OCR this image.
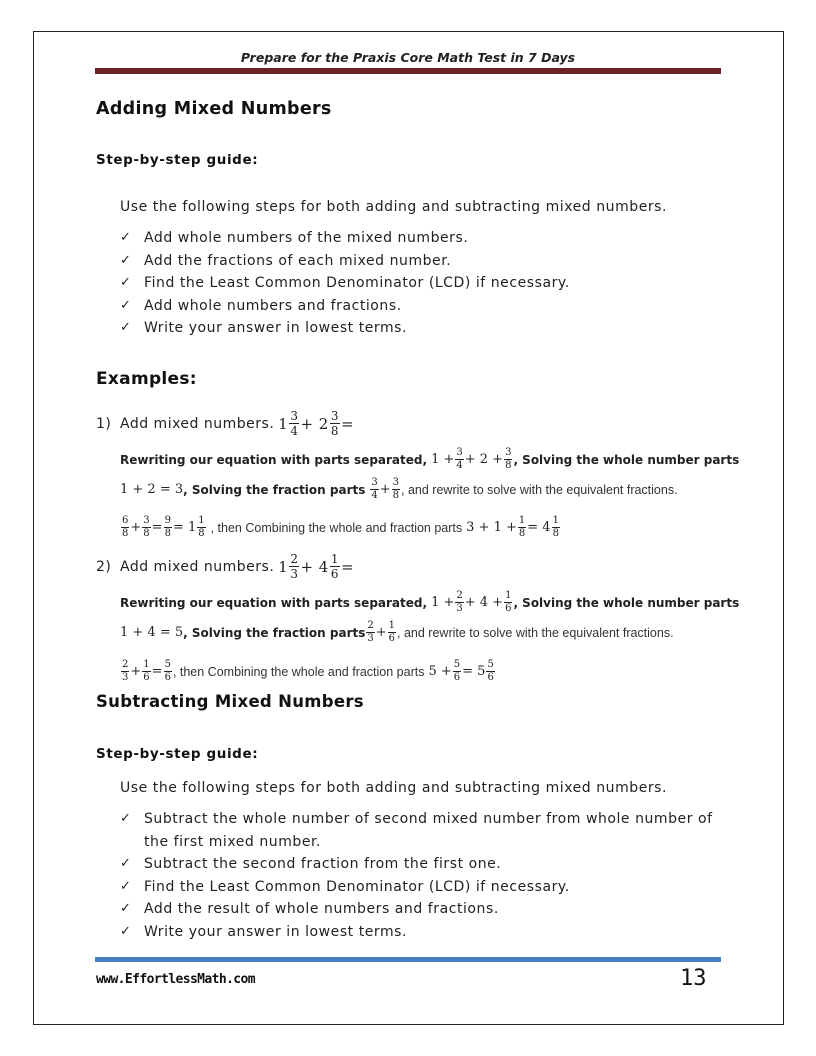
Prepare for the Praxis Core Math Test in 7 Days
Adding Mixed Numbers
Step-by-step guide:
Use the following steps for both adding and subtracting mixed numbers.
✓ Add whole numbers of the mixed numbers.
✓ Add the fractions of each mixed number.
✓ Find the Least Common Denominator (LCD) if necessary.
✓ Add whole numbers and fractions.
✓ Write your answer in lowest terms.
Examples:
1) Add mixed numbers. $1 \frac{3}{4} + 2 \frac{3}{8}$ =
Rewriting our equation with parts separated, $1 + \frac{3}{4} + 2 + \frac{3}{8}$ , Solving the whole number parts
1 + 2 = 3 , Solving the fraction parts $\frac{3}{4} + \frac{3}{8}$ , and rewrite to solve with the equivalent fractions.
$\frac{6}{8} + \frac{3}{8} = \frac{9}{8} = 1 \frac{1}{8}$ , then Combining the whole and fraction parts $3 + 1 + \frac{1}{8} = 4 \frac{1}{8}$
2) Add mixed numbers. $1 \frac{2}{3} + 4 \frac{1}{6}$ =
Rewriting our equation with parts separated, $1 + \frac{2}{3} + 4 + \frac{1}{6}$ , Solving the whole number parts
1 + 4 = 5 , Solving the fraction parts $\frac{2}{3} + \frac{1}{6}$ , and rewrite to solve with the equivalent fractions.
$\frac{2}{3} + \frac{1}{6} = \frac{5}{6}$ , then Combining the whole and fraction parts $5 + \frac{5}{6} = 5 \frac{5}{6}$
Subtracting Mixed Numbers
Step-by-step guide:
Use the following steps for both adding and subtracting mixed numbers.
✓ Subtract the whole number of second mixed number from whole number of the first mixed number.
✓ Subtract the second fraction from the first one.
✓ Find the Least Common Denominator (LCD) if necessary.
✓ Add the result of whole numbers and fractions.
✓ Write your answer in lowest terms.
www.EffortlessMath.com	13
